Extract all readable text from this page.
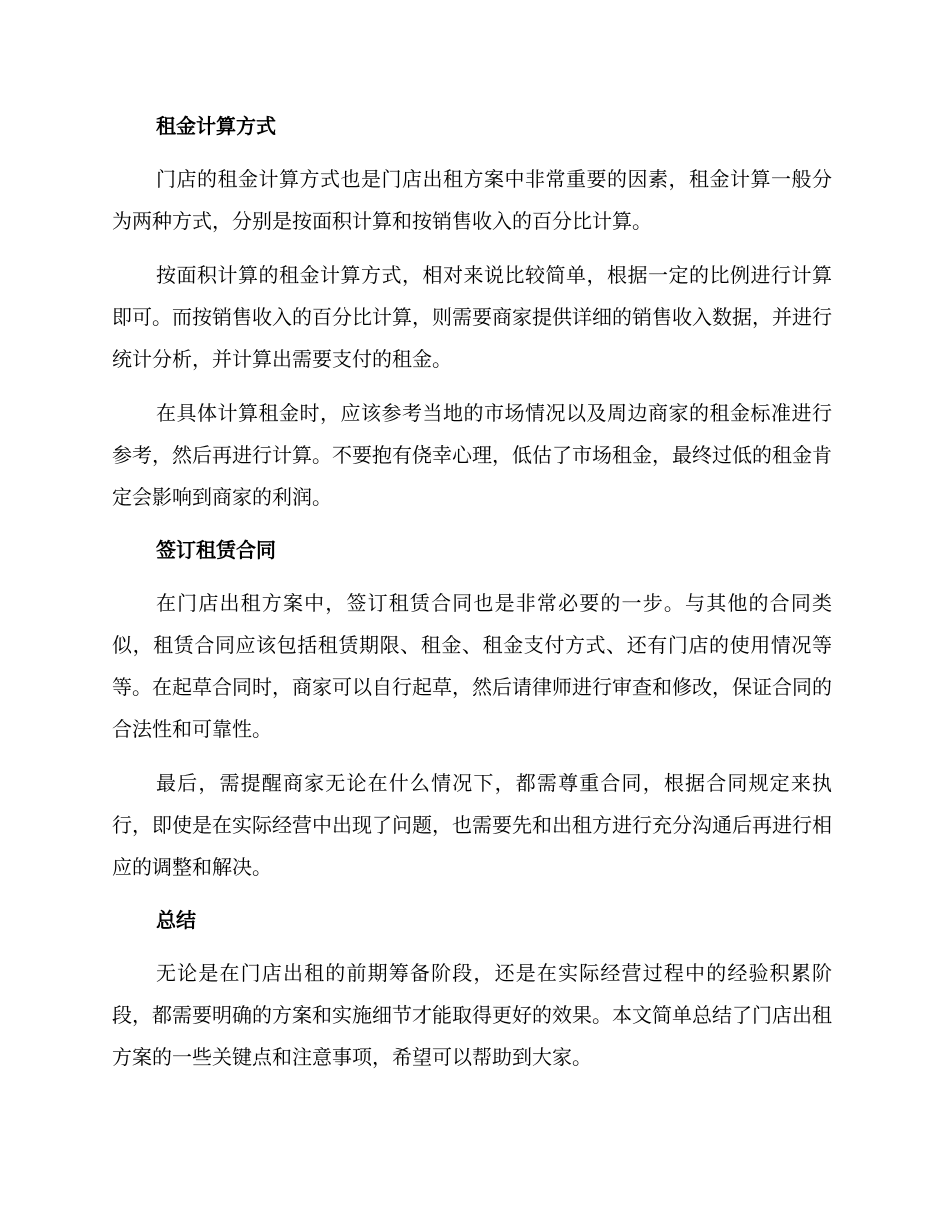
租金计算方式

门店的租金计算方式也是门店出租方案中非常重要的因素，租金计算一般分为两种方式，分别是按面积计算和按销售收入的百分比计算。

按面积计算的租金计算方式，相对来说比较简单，根据一定的比例进行计算即可。而按销售收入的百分比计算，则需要商家提供详细的销售收入数据，并进行统计分析，并计算出需要支付的租金。

在具体计算租金时，应该参考当地的市场情况以及周边商家的租金标准进行参考，然后再进行计算。不要抱有侥幸心理，低估了市场租金，最终过低的租金肯定会影响到商家的利润。

签订租赁合同

在门店出租方案中，签订租赁合同也是非常必要的一步。与其他的合同类似，租赁合同应该包括租赁期限、租金、租金支付方式、还有门店的使用情况等等。在起草合同时，商家可以自行起草，然后请律师进行审查和修改，保证合同的合法性和可靠性。

最后，需提醒商家无论在什么情况下，都需尊重合同，根据合同规定来执行，即使是在实际经营中出现了问题，也需要先和出租方进行充分沟通后再进行相应的调整和解决。

总结

无论是在门店出租的前期筹备阶段，还是在实际经营过程中的经验积累阶段，都需要明确的方案和实施细节才能取得更好的效果。本文简单总结了门店出租方案的一些关键点和注意事项，希望可以帮助到大家。
